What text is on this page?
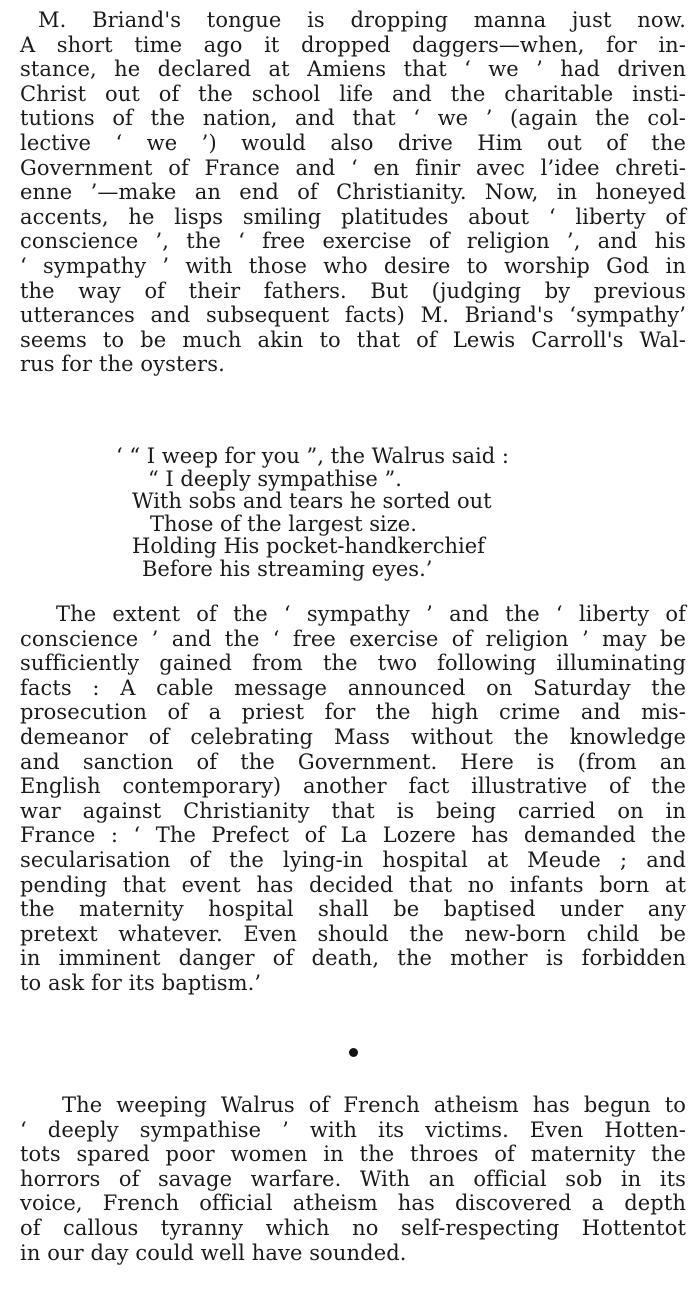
M. Briand's tongue is dropping manna just now.
A short time ago it dropped daggers—when, for in-
stance, he declared at Amiens that ‘ we ’ had driven
Christ out of the school life and the charitable insti-
tutions of the nation, and that ‘ we ’ (again the col-
lective ‘ we ’) would also drive Him out of the
Government of France and ‘ en finir avec l’idee chreti-
enne ’—make an end of Christianity. Now, in honeyed
accents, he lisps smiling platitudes about ‘ liberty of
conscience ’, the ‘ free exercise of religion ’, and his
‘ sympathy ’ with those who desire to worship God in
the way of their fathers. But (judging by previous
utterances and subsequent facts) M. Briand's ‘sympathy’
seems to be much akin to that of Lewis Carroll's Wal-
rus for the oysters.
‘ “ I weep for you ”, the Walrus said :
“ I deeply sympathise ”.
With sobs and tears he sorted out
Those of the largest size.
Holding His pocket-handkerchief
Before his streaming eyes.’
The extent of the ‘ sympathy ’ and the ‘ liberty of
conscience ’ and the ‘ free exercise of religion ’ may be
sufficiently gained from the two following illuminating
facts : A cable message announced on Saturday the
prosecution of a priest for the high crime and mis-
demeanor of celebrating Mass without the knowledge
and sanction of the Government. Here is (from an
English contemporary) another fact illustrative of the
war against Christianity that is being carried on in
France : ‘ The Prefect of La Lozere has demanded the
secularisation of the lying-in hospital at Meude ; and
pending that event has decided that no infants born at
the maternity hospital shall be baptised under any
pretext whatever. Even should the new-born child be
in imminent danger of death, the mother is forbidden
to ask for its baptism.’
The weeping Walrus of French atheism has begun to
‘ deeply sympathise ’ with its victims. Even Hotten-
tots spared poor women in the throes of maternity the
horrors of savage warfare. With an official sob in its
voice, French official atheism has discovered a depth
of callous tyranny which no self-respecting Hottentot
in our day could well have sounded.
